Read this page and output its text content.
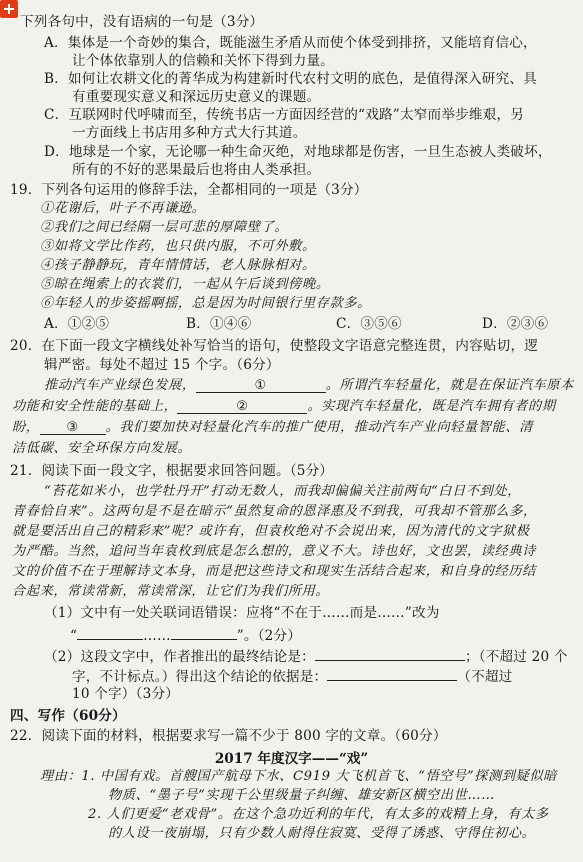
下列各句中，没有语病的一句是（3分）
A．集体是一个奇妙的集合，既能滋生矛盾从而使个体受到排挤，又能培育信心，
让个体依靠别人的信赖和关怀下得到力量。
B．如何让农耕文化的菁华成为构建新时代农村文明的底色，是值得深入研究、具
有重要现实意义和深远历史意义的课题。
C．互联网时代呼啸而至，传统书店一方面因经营的“戏路”太窄而举步维艰，另
一方面线上书店用多种方式大行其道。
D．地球是一个家，无论哪一种生命灭绝，对地球都是伤害，一旦生态被人类破坏，
所有的不好的恶果最后也将由人类承担。
19．下列各句运用的修辞手法，全都相同的一项是（3分）
①花谢后，叶子不再谦逊。
②我们之间已经隔一层可悲的厚障壁了。
③如将文学比作药，也只供内服，不可外敷。
④孩子静静玩，青年情情话，老人脉脉相对。
⑤晾在绳索上的衣裳们，一起从午后谈到傍晚。
⑥年轻人的步姿摇啊摇，总是因为时间银行里存款多。
A．①②⑤	B．①④⑥	C．③⑤⑥	D．②③⑥
20．在下面一段文字横线处补写恰当的语句，使整段文字语意完整连贯，内容贴切，逻
辑严密。每处不超过 15 个字。（6分）
推动汽车产业绿色发展，	①	。所谓汽车轻量化，就是在保证汽车原本
功能和安全性能的基础上，	②	。实现汽车轻量化，既是汽车拥有者的期
盼， ③ 。我们要加快对轻量化汽车的推广使用，推动汽车产业向轻量智能、清
洁低碳、安全环保方向发展。
21．阅读下面一段文字，根据要求回答问题。（5分）
“苔花如米小，也学牡丹开”打动无数人，而我却偏偏关注前两句“白日不到处，
青春恰自来”。这两句是不是在暗示“虽然复命的恩泽惠及不到我，可我却不管那么多，
就是要活出自己的精彩来”呢？或许有，但袁枚绝对不会说出来，因为清代的文字狱极
为严酷。当然，追问当年袁枚到底是怎么想的，意义不大。诗也好，文也罢，读经典诗
文的价值不在于理解诗文本身，而是把这些诗文和现实生活结合起来，和自身的经历结
合起来，常读常新，常读常深，让它们为我们所用。
（1）文中有一处关联词语错误：应将“不在于……而是……”改为
“	……	”。（2分）
（2）这段文字中，作者推出的最终结论是：	；（不超过 20 个
字，不计标点。）得出这个结论的依据是：	（不超过
10 个字）（3分）
四、写作（60分）
22．阅读下面的材料，根据要求写一篇不少于 800 字的文章。（60分）
2017 年度汉字——“戏”
理由：1. 中国有戏。首艘国产航母下水、C919 大飞机首飞、“悟空号”探测到疑似暗
物质、“墨子号”实现千公里级量子纠缠、雄安新区横空出世……
2. 人们更爱“老戏骨”。在这个急功近利的年代，有太多的戏精上身，有太多
的人设一夜崩塌，只有少数人耐得住寂寞、受得了诱惑、守得住初心。
